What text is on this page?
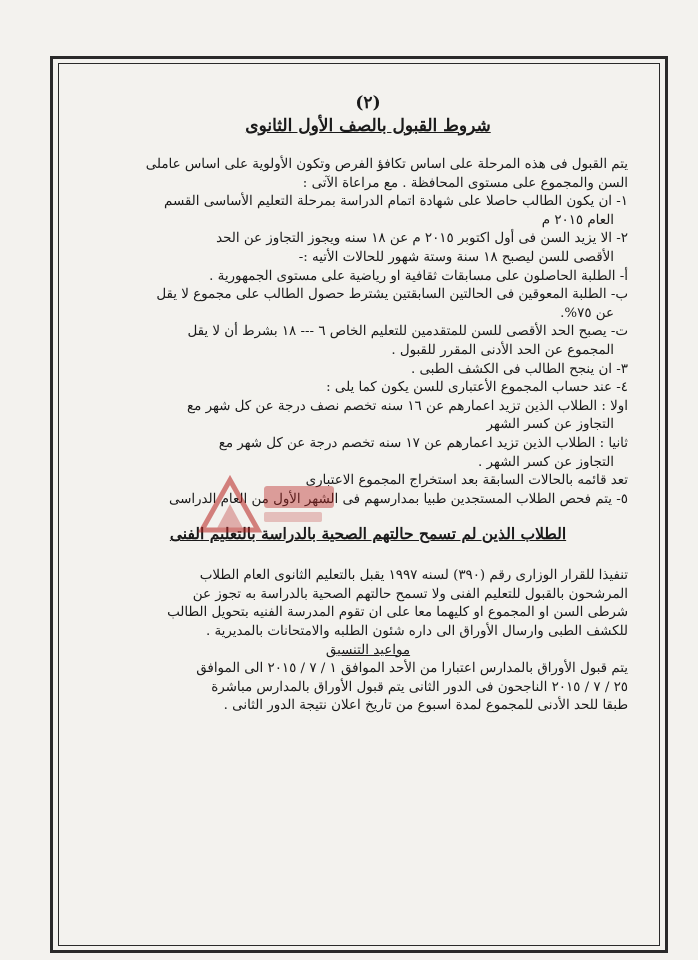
(٢)
شروط القبول بالصف الأول الثانوى

يتم القبول فى هذه المرحلة على اساس تكافؤ الفرص وتكون الأولوية على اساس عاملى

السن والمجموع على مستوى المحافظة . مع مراعاة الآتى :

١- ان يكون الطالب حاصلا على شهادة اتمام الدراسة بمرحلة التعليم الأساسى القسم

العام ٢٠١٥ م

٢- الا يزيد السن فى أول اكتوبر ٢٠١٥ م عن ١٨ سنه ويجوز التجاوز عن الحد

الأقصى للسن ليصبح ١٨ سنة وستة شهور للحالات الأتيه :-

أ- الطلبة الحاصلون على مسابقات ثقافية او رياضية على مستوى الجمهورية .

ب- الطلبة المعوقين فى الحالتين السابقتين يشترط حصول الطالب على مجموع لا يقل

عن ٧٥%.

ت- يصبح الحد الأقصى للسن للمتقدمين للتعليم الخاص ٦ --- ١٨ بشرط أن لا يقل

المجموع عن الحد الأدنى المقرر للقبول .

٣- ان ينجح الطالب فى الكشف الطبى .

٤- عند حساب المجموع الأعتبارى للسن يكون كما يلى :

اولا : الطلاب الذين تزيد اعمارهم عن ١٦ سنه تخصم نصف درجة عن كل شهر مع

التجاوز عن كسر الشهر

ثانيا : الطلاب الذين تزيد اعمارهم عن ١٧ سنه تخصم درجة عن كل شهر مع

التجاوز عن كسر الشهر .

تعد قائمه بالحالات السابقة بعد استخراج المجموع الاعتبارى

٥- يتم فحص الطلاب المستجدين طبيا بمدارسهم فى الشهر الأول من العام الدراسى

الطلاب الذين لم تسمح حالتهم الصحية بالدراسة بالتعليم الفنى

تنفيذا للقرار الوزارى رقم (٣٩٠) لسنه ١٩٩٧ يقبل بالتعليم الثانوى العام الطلاب

المرشحون بالقبول للتعليم الفنى ولا تسمح حالتهم الصحية بالدراسة به تجوز عن

شرطى السن او المجموع او كليهما معا على ان تقوم المدرسة الفنيه بتحويل الطالب

للكشف الطبى وارسال الأوراق الى داره شئون الطلبه والامتحانات بالمديرية .

مواعيد التنسيق

يتم قبول الأوراق بالمدارس اعتبارا من الأحد الموافق ١ / ٧ / ٢٠١٥ الى الموافق

٢٥ / ٧ / ٢٠١٥ الناجحون فى الدور الثانى يتم قبول الأوراق بالمدارس مباشرة

طبقا للحد الأدنى للمجموع لمدة اسبوع من تاريخ اعلان نتيجة الدور الثانى .
